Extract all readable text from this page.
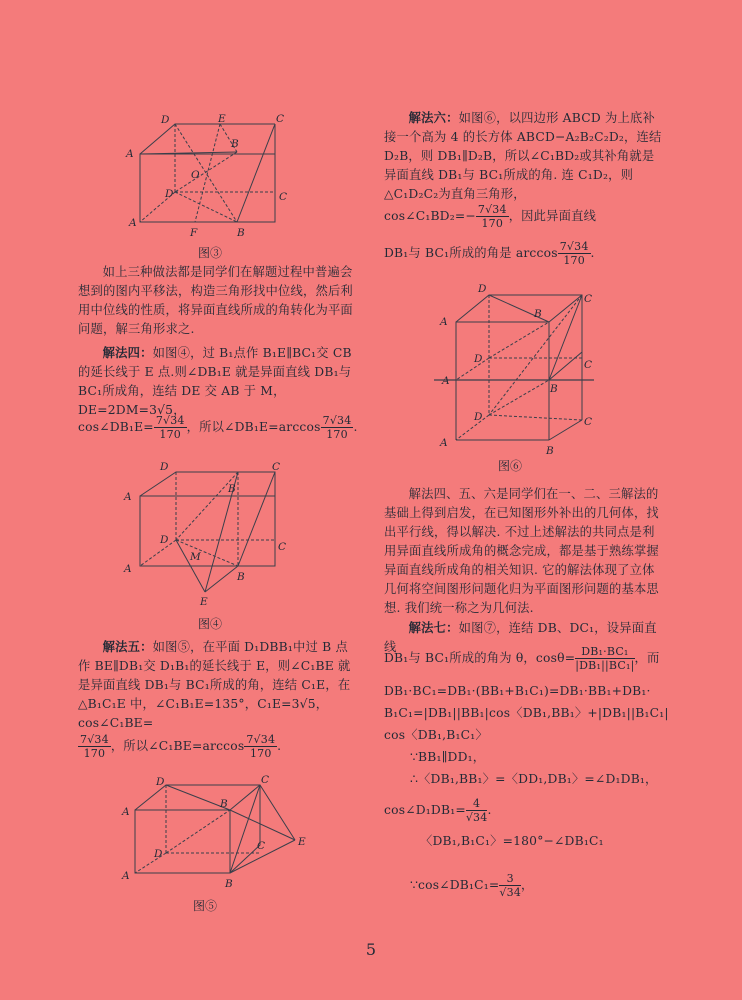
D	E	C
A
B
O
D	C
A
F	B
图③
如上三种做法都是同学们在解题过程中普遍会想到的图内平移法，构造三角形找中位线，然后利用中位线的性质，将异面直线所成的角转化为平面问题，解三角形求之.
解法四：如图④，过 B₁点作 B₁E∥BC₁交 CB 的延长线于 E 点.则∠DB₁E 就是异面直线 DB₁与 BC₁所成角，连结 DE 交 AB 于 M，DE=2DM=3√5，
cos∠DB₁E= $\frac{7√34}{170}$ ，所以∠DB₁E=arccos $\frac{7√34}{170}$ .
D	C
A
B
D
C
M
A
B
E
图④
解法五：如图⑤，在平面 D₁DBB₁中过 B 点作 BE∥DB₁交 D₁B₁的延长线于 E，则∠C₁BE 就是异面直线 DB₁与 BC₁所成的角，连结 C₁E，在△B₁C₁E 中，∠C₁B₁E=135°，C₁E=3√5，cos∠C₁BE=
$\frac{7√34}{170}$ ，所以∠C₁BE=arccos $\frac{7√34}{170}$ .
D	C
A
B
D
C	E
A
B
图⑤
解法六：如图⑥，以四边形 ABCD 为上底补接一个高为 4 的长方体 ABCD−A₂B₂C₂D₂，连结 D₂B，则 DB₁∥D₂B，所以∠C₁BD₂或其补角就是异面直线 DB₁与 BC₁所成的角. 连 C₁D₂，则△C₁D₂C₂为直角三角形，
cos∠C₁BD₂=− $\frac{7√34}{170}$ ，因此异面直线
DB₁与 BC₁所成的角是 $\arccos \frac{7√34}{170}$ .
D
C
A
B
D	C
A
B
D	C
A
B
图⑥
解法四、五、六是同学们在一、二、三解法的基础上得到启发，在已知图形外补出的几何体，找出平行线，得以解决. 不过上述解法的共同点是利用异面直线所成角的概念完成，都是基于熟练掌握异面直线所成角的相关知识. 它的解法体现了立体几何将空间图形问题化归为平面图形问题的基本思想. 我们统一称之为几何法.
解法七：如图⑦，连结 DB、DC₁，设异面直线
DB₁与 BC₁所成的角为 θ，$\cos\theta= \frac{\text{DB₁·BC₁}}{\text{|DB₁||BC₁|}}$ ，而
DB₁·BC₁=DB₁·(BB₁+B₁C₁)=DB₁·BB₁+DB₁·
B₁C₁=|DB₁||BB₁|cos〈DB₁,BB₁〉+|DB₁||B₁C₁|
cos〈DB₁,B₁C₁〉
∵BB₁∥DD₁，
∴〈DB₁,BB₁〉=〈DD₁,DB₁〉=∠D₁DB₁，
cos∠D₁DB₁= $\frac{4}{√34}$ .
〈DB₁,B₁C₁〉=180°−∠DB₁C₁
∵cos∠DB₁C₁= $\frac{3}{√34}$ ，
5
